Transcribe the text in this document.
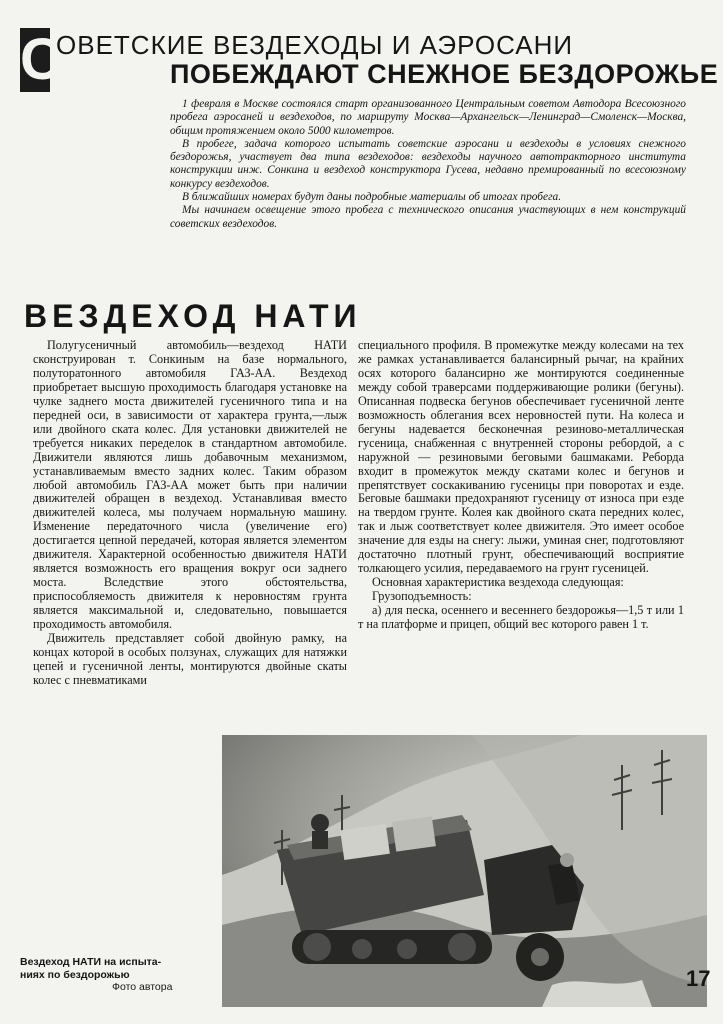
С
ОВЕТСКИЕ ВЕЗДЕХОДЫ И АЭРОСАНИ
ПОБЕЖДАЮТ СНЕЖНОЕ БЕЗДОРОЖЬЕ

1 февраля в Москве состоялся старт организованного Центральным советом Автодора Всесоюзного пробега аэросаней и вездеходов, по маршруту Москва—Архангельск—Ленинград—Смоленск—Москва, общим протяжением около 5000 километров.

В пробеге, задача которого испытать советские аэросани и вездеходы в условиях снежного бездорожья, участвует два типа вездеходов: вездеходы научного автотракторного института конструкции инж. Сонкина и вездеход конструктора Гусева, недавно премированный по всесоюзному конкурсу вездеходов.

В ближайших номерах будут даны подробные материалы об итогах пробега.

Мы начинаем освещение этого пробега с технического описания участвующих в нем конструкций советских вездеходов.

ВЕЗДЕХОД НАТИ

Полугусеничный автомобиль—вездеход НАТИ сконструирован т. Сонкиным на базе нормального, полуторатонного автомобиля ГАЗ-АА. Вездеход приобретает высшую проходимость благодаря установке на чулке заднего моста движителей гусеничного типа и на передней оси, в зависимости от характера грунта,—лыж или двойного ската колес. Для установки движителей не требуется никаких переделок в стандартном автомобиле. Движители являются лишь добавочным механизмом, устанавливаемым вместо задних колес. Таким образом любой автомобиль ГАЗ-АА может быть при наличии движителей обращен в вездеход. Устанавливая вместо движителей колеса, мы получаем нормальную машину. Изменение передаточного числа (увеличение его) достигается цепной передачей, которая является элементом движителя. Характерной особенностью движителя НАТИ является возможность его вращения вокруг оси заднего моста. Вследствие этого обстоятельства, приспособляемость движителя к неровностям грунта является максимальной и, следовательно, повышается проходимость автомобиля.

Движитель представляет собой двойную рамку, на концах которой в особых ползунах, служащих для натяжки цепей и гусеничной ленты, монтируются двойные скаты колес с пневматиками

специального профиля. В промежутке между колесами на тех же рамках устанавливается балансирный рычаг, на крайних осях которого балансирно же монтируются соединенные между собой траверсами поддерживающие ролики (бегуны). Описанная подвеска бегунов обеспечивает гусеничной ленте возможность облегания всех неровностей пути. На колеса и бегуны надевается бесконечная резиново-металлическая гусеница, снабженная с внутренней стороны ребордой, а с наружной — резиновыми беговыми башмаками. Реборда входит в промежуток между скатами колес и бегунов и препятствует соскакиванию гусеницы при поворотах и езде. Беговые башмаки предохраняют гусеницу от износа при езде на твердом грунте. Колея как двойного ската передних колес, так и лыж соответствует колее движителя. Это имеет особое значение для езды на снегу: лыжи, уминая снег, подготовляют достаточно плотный грунт, обеспечивающий восприятие толкающего усилия, передаваемого на грунт гусеницей.

Основная характеристика вездехода следующая:

Грузоподъемность:

а) для песка, осеннего и весеннего бездорожья—1,5 т или 1 т на платформе и прицеп, общий вес которого равен 1 т.

Вездеход НАТИ на испыта-
ниях по бездорожью
Фото автора	17
